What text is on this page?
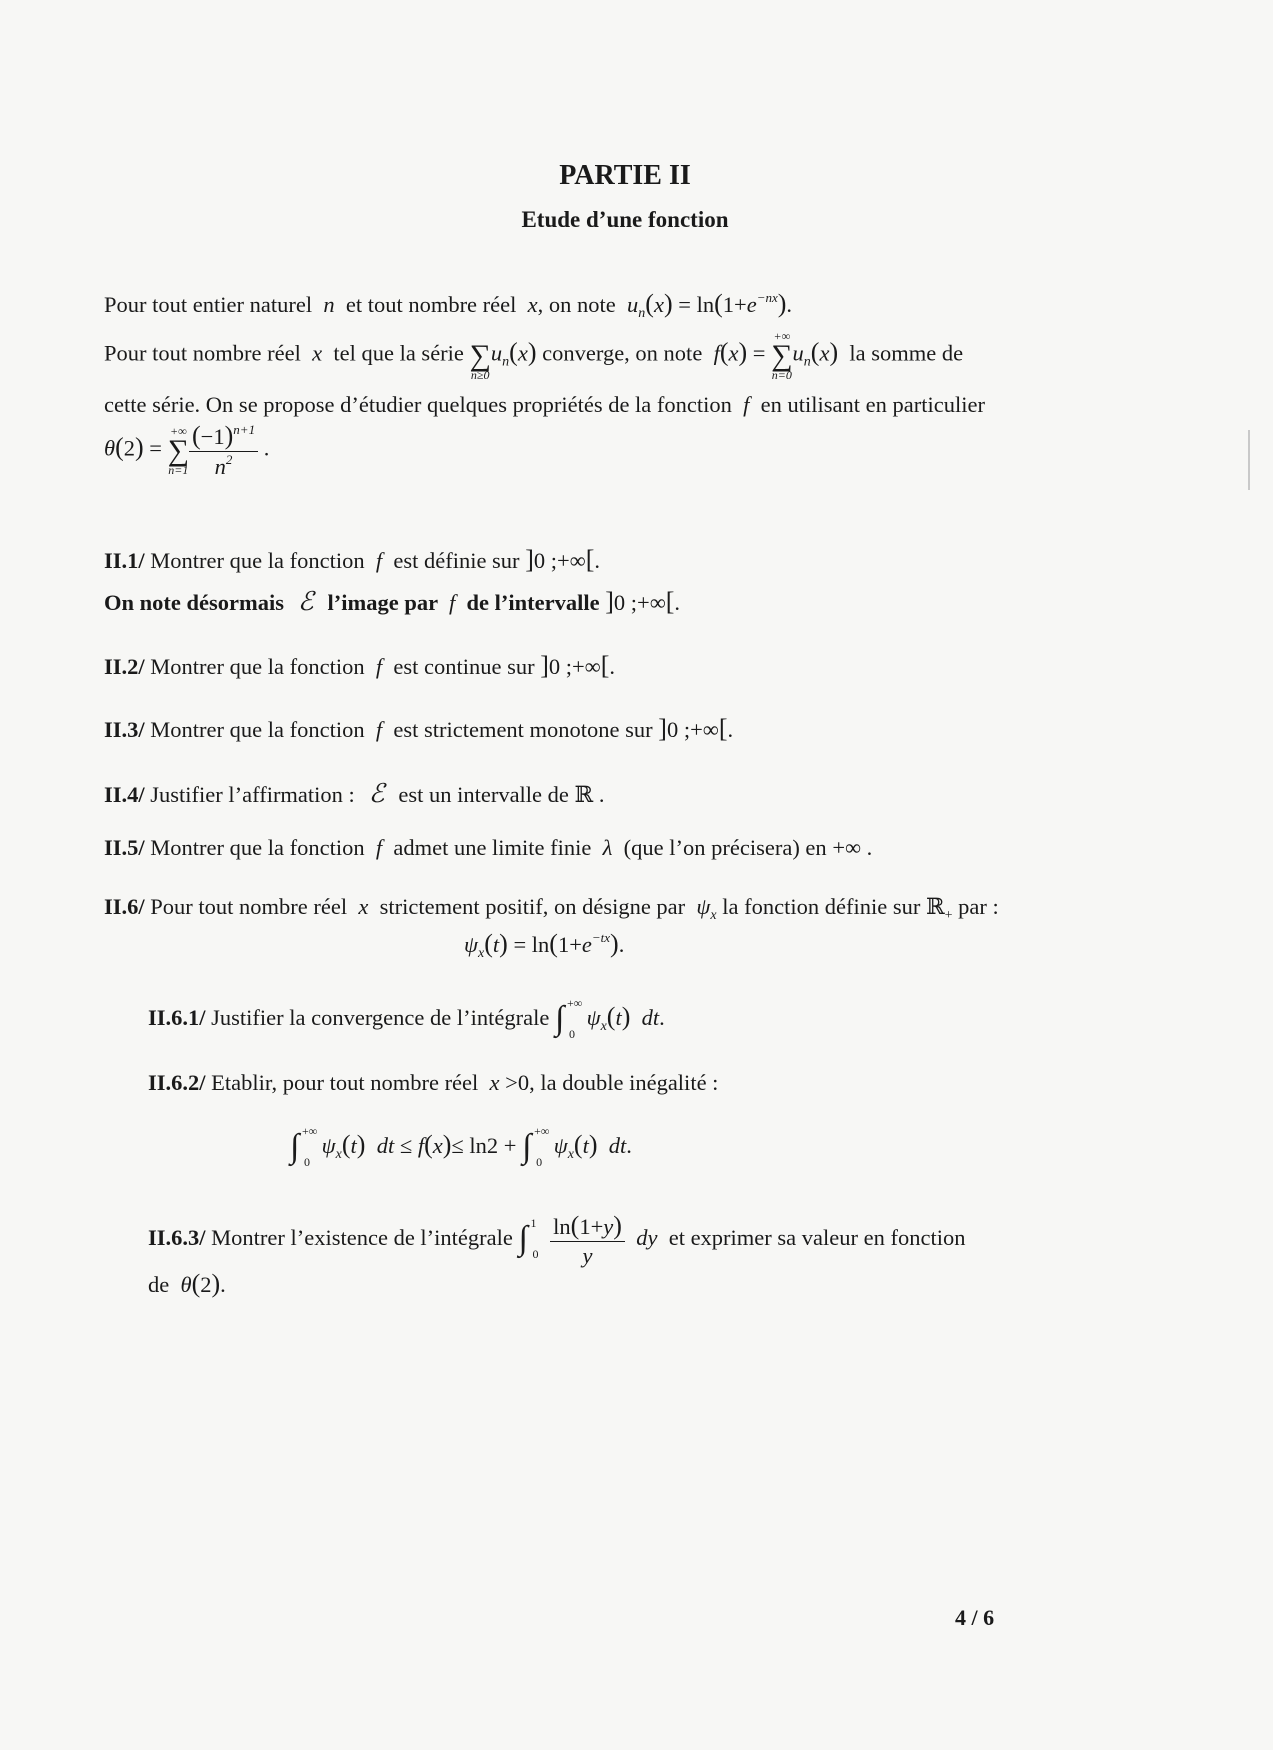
PARTIE II
Etude d’une fonction
Pour tout entier naturel  n  et tout nombre réel  x, on note  $u_n(x) = \ln(1+e^{-nx})$.
Pour tout nombre réel  x  tel que la série
∑
n≥0
$u_n(x)$ converge, on note  f(x) =
+∞
∑
n=0
$u_n(x)$ la somme de
cette série. On se propose d’étudier quelques propriétés de la fonction  f  en utilisant en particulier
θ(2) =
+∞
∑
$n=1 \frac{(-1)^{n+1}}{n^2}$ .
II.1/ Montrer que la fonction  f  est définie sur ]0 ;+∞[.
On note désormais  ℰ  l’image par  f  de l’intervalle ]0 ;+∞[.
II.2/ Montrer que la fonction  f  est continue sur ]0 ;+∞[.
II.3/ Montrer que la fonction  f  est strictement monotone sur ]0 ;+∞[.
II.4/ Justifier l’affirmation :  ℰ  est un intervalle de ℝ .
II.5/ Montrer que la fonction  f  admet une limite finie  λ  (que l’on précisera) en +∞ .
II.6/ Pour tout nombre réel  x  strictement positif, on désigne par  $\psi_x$ la fonction définie sur ℝ$_+$ par :
$\psi_x(t) = \ln(1+e^{-tx})$.
II.6.1/ Justifier la convergence de l’intégrale ∫ +∞
0
$\psi_x(t)$ dt.
II.6.2/ Etablir, pour tout nombre réel  x >0, la double inégalité :
∫ +∞
0
$\psi_x(t)$ dt ≤ f(x)≤ ln2 + ∫ +∞
0
$\psi_x(t)$ dt.
II.6.3/ Montrer l’existence de l’intégrale ∫ 1
0
$\frac{\ln(1+y)}{y}$ dy  et exprimer sa valeur en fonction
de  θ(2).
4 / 6
